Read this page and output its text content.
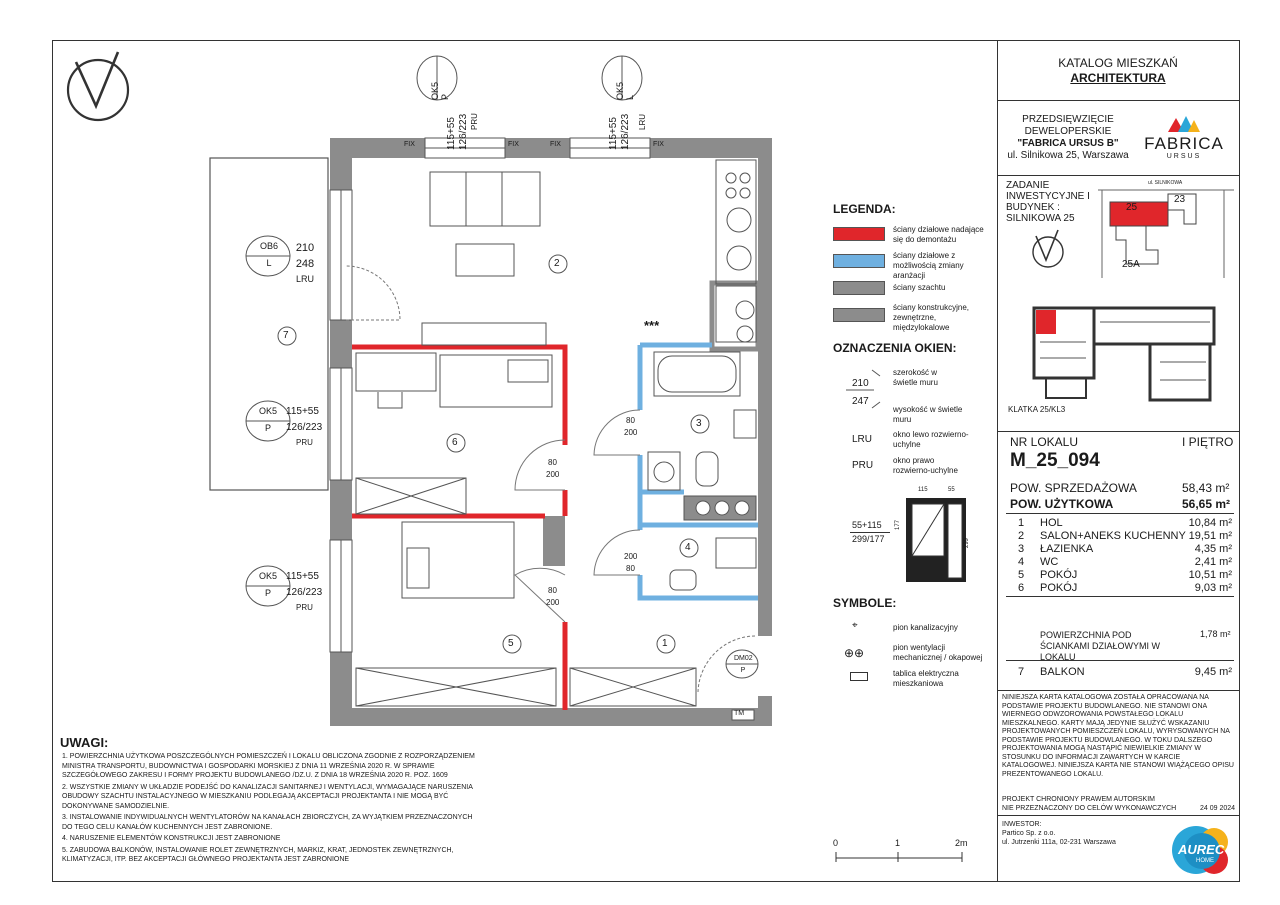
OK5 P
115+55 126/223 PRU
OK5 L
115+55 126/223 LRU
OB6
L
210
248
LRU
OK5
P
115+55
126/223
PRU
OK5
P
115+55
126/223
PRU
FIX	FIX	FIX	FIX
DM02
P
TM
***
80
200
80
200
80
200
200
80
1
2
3
4
5
6
7
LEGENDA:
ściany działowe nadające się do demontażu
ściany działowe z możliwością zmiany aranżacji
ściany szachtu
ściany konstrukcyjne, zewnętrzne, międzylokalowe
OZNACZENIA OKIEN:
210
247
szerokość w świetle muru
wysokość w świetle muru
LRU	okno lewo rozwierno-uchylne
PRU okno prawo rozwierno-uchylne
55+115
299/177
115	55
177
299
SYMBOLE:
⌖	pion kanalizacyjny
⊕⊕	pion wentylacji mechanicznej / okapowej
tablica elektryczna mieszkaniowa
0	1	2m
UWAGI:
1. POWIERZCHNIA UŻYTKOWA POSZCZEGÓLNYCH POMIESZCZEŃ I LOKALU OBLICZONA ZGODNIE Z ROZPORZĄDZENIEM MINISTRA TRANSPORTU, BUDOWNICTWA I GOSPODARKI MORSKIEJ Z DNIA 11 WRZEŚNIA 2020 R. W SPRAWIE SZCZEGÓŁOWEGO ZAKRESU I FORMY PROJEKTU BUDOWLANEGO /DZ.U. Z DNIA 18 WRZEŚNIA 2020 R. POZ. 1609
2. WSZYSTKIE ZMIANY W UKŁADZIE PODEJŚĆ DO KANALIZACJI SANITARNEJ I WENTYLACJI, WYMAGAJĄCE NARUSZENIA OBUDOWY SZACHTU INSTALACYJNEGO W MIESZKANIU PODLEGAJĄ AKCEPTACJI PROJEKTANTA I NIE MOGĄ BYĆ DOKONYWANE SAMODZIELNIE.
3. INSTALOWANIE INDYWIDUALNYCH WENTYLATORÓW NA KANAŁACH ZBIORCZYCH, ZA WYJĄTKIEM PRZEZNACZONYCH DO TEGO CELU KANAŁÓW KUCHENNYCH JEST ZABRONIONE.
4. NARUSZENIE ELEMENTÓW KONSTRUKCJI JEST ZABRONIONE
5. ZABUDOWA BALKONÓW, INSTALOWANIE ROLET ZEWNĘTRZNYCH, MARKIZ, KRAT, JEDNOSTEK ZEWNĘTRZNYCH, KLIMATYZACJI, ITP. BEZ AKCEPTACJI GŁÓWNEGO PROJEKTANTA JEST ZABRONIONE
KATALOG MIESZKAŃ
ARCHITEKTURA
PRZEDSIĘWZIĘCIE
DEWELOPERSKIE
"FABRICA URSUS B"
ul. Silnikowa 25, Warszawa
FABRICA
URSUS
ZADANIE
INWESTYCYJNE I
BUDYNEK :
SILNIKOWA 25
23
25
25A
ul. SILNIKOWA
KLATKA 25/KL3
NR LOKALU	I PIĘTRO
M_25_094
POW. SPRZEDAŻOWA	58,43 m²
POW. UŻYTKOWA	56,65 m²
1 HOL	10,84 m²
2 SALON+ANEKS KUCHENNY 19,51 m²
3 ŁAZIENKA	4,35 m²
4 WC	2,41 m²
5 POKÓJ	10,51 m²
6 POKÓJ	9,03 m²
POWIERZCHNIA POD ŚCIANKAMI DZIAŁOWYMI W LOKALU
1,78 m²
7 BALKON	9,45 m²
NINIEJSZA KARTA KATALOGOWA ZOSTAŁA OPRACOWANA NA PODSTAWIE PROJEKTU BUDOWLANEGO. NIE STANOWI ONA WIERNEGO ODWZOROWANIA POWSTAŁEGO LOKALU MIESZKALNEGO. KARTY MAJĄ JEDYNIE SŁUŻYĆ WSKAZANIU PROJEKTOWANYCH POMIESZCZEŃ LOKALU, WYRYSOWANYCH NA PODSTAWIE PROJEKTU BUDOWLANEGO. W TOKU DALSZEGO PROJEKTOWANIA MOGĄ NASTĄPIĆ NIEWIELKIE ZMIANY W STOSUNKU DO INFORMACJI ZAWARTYCH W KARCIE KATALOGOWEJ. NINIEJSZA KARTA NIE STANOWI WIĄŻĄCEGO OPISU PREZENTOWANEGO LOKALU.
PROJEKT CHRONIONY PRAWEM AUTORSKIM
NIE PRZEZNACZONY DO CELÓW WYKONAWCZYCH	24 09 2024
INWESTOR:
Partico Sp. z o.o.
ul. Jutrzenki 111a, 02-231 Warszawa	AUREC
HOME
